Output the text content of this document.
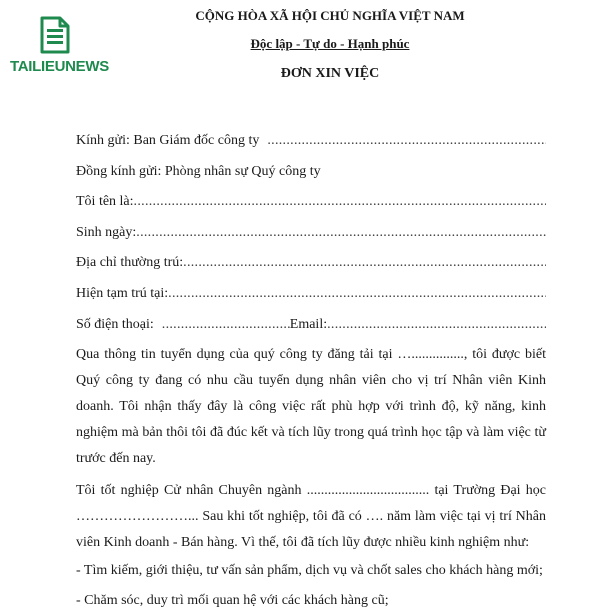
TAILIEUNEWS
CỘNG HÒA XÃ HỘI CHỦ NGHĨA VIỆT NAM
Độc lập - Tự do - Hạnh phúc
ĐƠN XIN VIỆC
Kính gửi: Ban Giám đốc công ty
.....
Đồng kính gửi: Phòng nhân sự Quý công ty
Tôi tên là:
.....
Sinh ngày:
.....
Địa chỉ thường trú:
.....
Hiện tạm trú tại:
.....
Số điện thoại:
.....	Email:
.....
Qua thông tin tuyển dụng của quý công ty đăng tải tại …..............., tôi được biết Quý công ty đang có nhu cầu tuyển dụng nhân viên cho vị trí Nhân viên Kinh doanh. Tôi nhận thấy đây là công việc rất phù hợp với trình độ, kỹ năng, kinh nghiệm mà bản thôi tôi đã đúc kết và tích lũy trong quá trình học tập và làm việc từ trước đến nay.
Tôi tốt nghiệp Cử nhân Chuyên ngành ................................... tại Trường Đại học ……………………... Sau khi tốt nghiệp, tôi đã có …. năm làm việc tại vị trí Nhân viên Kinh doanh - Bán hàng. Vì thế, tôi đã tích lũy được nhiều kinh nghiệm như:
- Tìm kiếm, giới thiệu, tư vấn sản phẩm, dịch vụ và chốt sales cho khách hàng mới;
- Chăm sóc, duy trì mối quan hệ với các khách hàng cũ;
